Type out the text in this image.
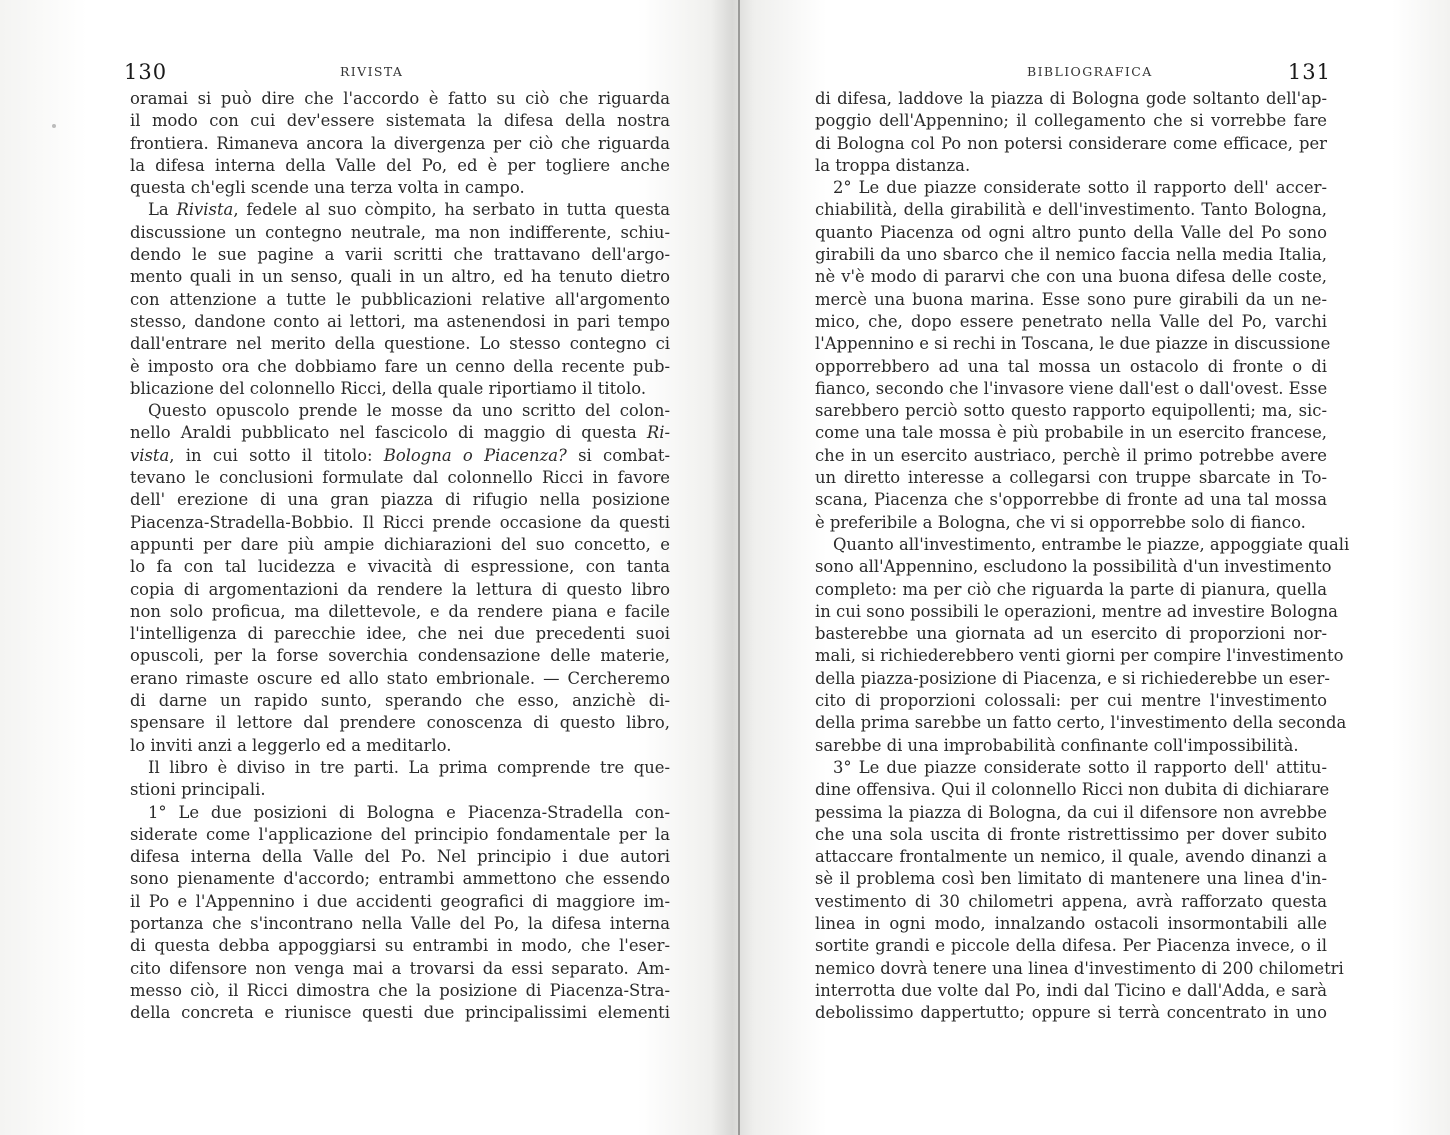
130	RIVISTA
oramai si può dire che l'accordo è fatto su ciò che riguarda
il modo con cui dev'essere sistemata la difesa della nostra
frontiera. Rimaneva ancora la divergenza per ciò che riguarda
la difesa interna della Valle del Po, ed è per togliere anche
questa ch'egli scende una terza volta in campo.
La Rivista, fedele al suo còmpito, ha serbato in tutta questa
discussione un contegno neutrale, ma non indifferente, schiu-
dendo le sue pagine a varii scritti che trattavano dell'argo-
mento quali in un senso, quali in un altro, ed ha tenuto dietro
con attenzione a tutte le pubblicazioni relative all'argomento
stesso, dandone conto ai lettori, ma astenendosi in pari tempo
dall'entrare nel merito della questione. Lo stesso contegno ci
è imposto ora che dobbiamo fare un cenno della recente pub-
blicazione del colonnello Ricci, della quale riportiamo il titolo.
Questo opuscolo prende le mosse da uno scritto del colon-
nello Araldi pubblicato nel fascicolo di maggio di questa Ri-
vista, in cui sotto il titolo: Bologna o Piacenza? si combat-
tevano le conclusioni formulate dal colonnello Ricci in favore
dell' erezione di una gran piazza di rifugio nella posizione
Piacenza-Stradella-Bobbio. Il Ricci prende occasione da questi
appunti per dare più ampie dichiarazioni del suo concetto, e
lo fa con tal lucidezza e vivacità di espressione, con tanta
copia di argomentazioni da rendere la lettura di questo libro
non solo proficua, ma dilettevole, e da rendere piana e facile
l'intelligenza di parecchie idee, che nei due precedenti suoi
opuscoli, per la forse soverchia condensazione delle materie,
erano rimaste oscure ed allo stato embrionale. — Cercheremo
di darne un rapido sunto, sperando che esso, anzichè di-
spensare il lettore dal prendere conoscenza di questo libro,
lo inviti anzi a leggerlo ed a meditarlo.
Il libro è diviso in tre parti. La prima comprende tre que-
stioni principali.
1° Le due posizioni di Bologna e Piacenza-Stradella con-
siderate come l'applicazione del principio fondamentale per la
difesa interna della Valle del Po. Nel principio i due autori
sono pienamente d'accordo; entrambi ammettono che essendo
il Po e l'Appennino i due accidenti geografici di maggiore im-
portanza che s'incontrano nella Valle del Po, la difesa interna
di questa debba appoggiarsi su entrambi in modo, che l'eser-
cito difensore non venga mai a trovarsi da essi separato. Am-
messo ciò, il Ricci dimostra che la posizione di Piacenza-Stra-
della concreta e riunisce questi due principalissimi elementi
BIBLIOGRAFICA	131
di difesa, laddove la piazza di Bologna gode soltanto dell'ap-
poggio dell'Appennino; il collegamento che si vorrebbe fare
di Bologna col Po non potersi considerare come efficace, per
la troppa distanza.
2° Le due piazze considerate sotto il rapporto dell' accer-
chiabilità, della girabilità e dell'investimento. Tanto Bologna,
quanto Piacenza od ogni altro punto della Valle del Po sono
girabili da uno sbarco che il nemico faccia nella media Italia,
nè v'è modo di pararvi che con una buona difesa delle coste,
mercè una buona marina. Esse sono pure girabili da un ne-
mico, che, dopo essere penetrato nella Valle del Po, varchi
l'Appennino e si rechi in Toscana, le due piazze in discussione
opporrebbero ad una tal mossa un ostacolo di fronte o di
fianco, secondo che l'invasore viene dall'est o dall'ovest. Esse
sarebbero perciò sotto questo rapporto equipollenti; ma, sic-
come una tale mossa è più probabile in un esercito francese,
che in un esercito austriaco, perchè il primo potrebbe avere
un diretto interesse a collegarsi con truppe sbarcate in To-
scana, Piacenza che s'opporrebbe di fronte ad una tal mossa
è preferibile a Bologna, che vi si opporrebbe solo di fianco.
Quanto all'investimento, entrambe le piazze, appoggiate quali
sono all'Appennino, escludono la possibilità d'un investimento
completo: ma per ciò che riguarda la parte di pianura, quella
in cui sono possibili le operazioni, mentre ad investire Bologna
basterebbe una giornata ad un esercito di proporzioni nor-
mali, si richiederebbero venti giorni per compire l'investimento
della piazza-posizione di Piacenza, e si richiederebbe un eser-
cito di proporzioni colossali: per cui mentre l'investimento
della prima sarebbe un fatto certo, l'investimento della seconda
sarebbe di una improbabilità confinante coll'impossibilità.
3° Le due piazze considerate sotto il rapporto dell' attitu-
dine offensiva. Qui il colonnello Ricci non dubita di dichiarare
pessima la piazza di Bologna, da cui il difensore non avrebbe
che una sola uscita di fronte ristrettissimo per dover subito
attaccare frontalmente un nemico, il quale, avendo dinanzi a
sè il problema così ben limitato di mantenere una linea d'in-
vestimento di 30 chilometri appena, avrà rafforzato questa
linea in ogni modo, innalzando ostacoli insormontabili alle
sortite grandi e piccole della difesa. Per Piacenza invece, o il
nemico dovrà tenere una linea d'investimento di 200 chilometri
interrotta due volte dal Po, indi dal Ticino e dall'Adda, e sarà
debolissimo dappertutto; oppure si terrà concentrato in uno
